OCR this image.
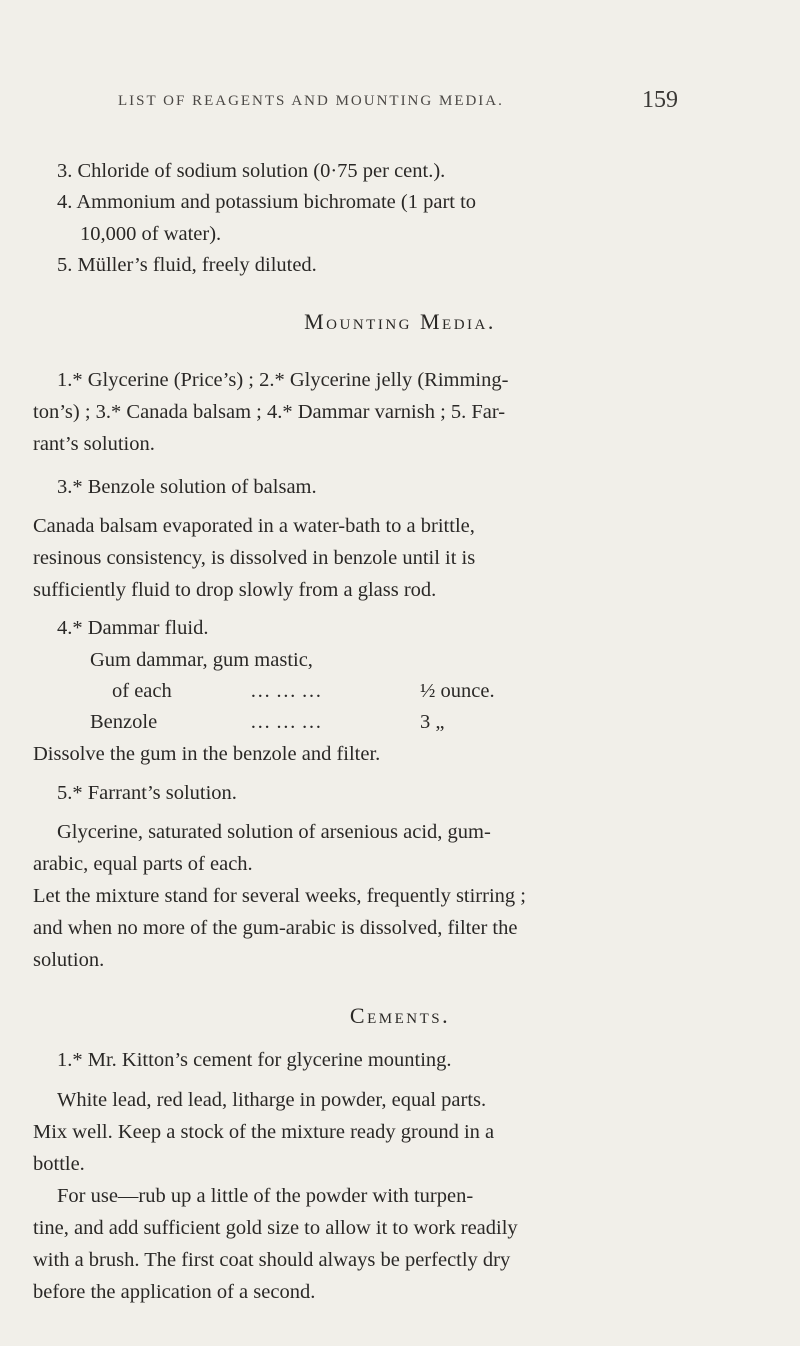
LIST OF REAGENTS AND MOUNTING MEDIA.	159
3. Chloride of sodium solution (0·75 per cent.).
4. Ammonium and potassium bichromate (1 part to
10,000 of water).
5. Müller’s fluid, freely diluted.
Mounting Media.
1.* Glycerine (Price’s) ; 2.* Glycerine jelly (Rimming-
ton’s) ; 3.* Canada balsam ; 4.* Dammar varnish ; 5. Far-
rant’s solution.
3.* Benzole solution of balsam.
Canada balsam evaporated in a water-bath to a brittle,
resinous consistency, is dissolved in benzole until it is
sufficiently fluid to drop slowly from a glass rod.
4.* Dammar fluid.
Gum dammar, gum mastic,
of each	… … …	½ ounce.
Benzole	… … …	3 „
Dissolve the gum in the benzole and filter.
5.* Farrant’s solution.
Glycerine, saturated solution of arsenious acid, gum-
arabic, equal parts of each.
Let the mixture stand for several weeks, frequently stirring ;
and when no more of the gum-arabic is dissolved, filter the
solution.
Cements.
1.* Mr. Kitton’s cement for glycerine mounting.
White lead, red lead, litharge in powder, equal parts.
Mix well. Keep a stock of the mixture ready ground in a
bottle.
For use—rub up a little of the powder with turpen-
tine, and add sufficient gold size to allow it to work readily
with a brush. The first coat should always be perfectly dry
before the application of a second.
